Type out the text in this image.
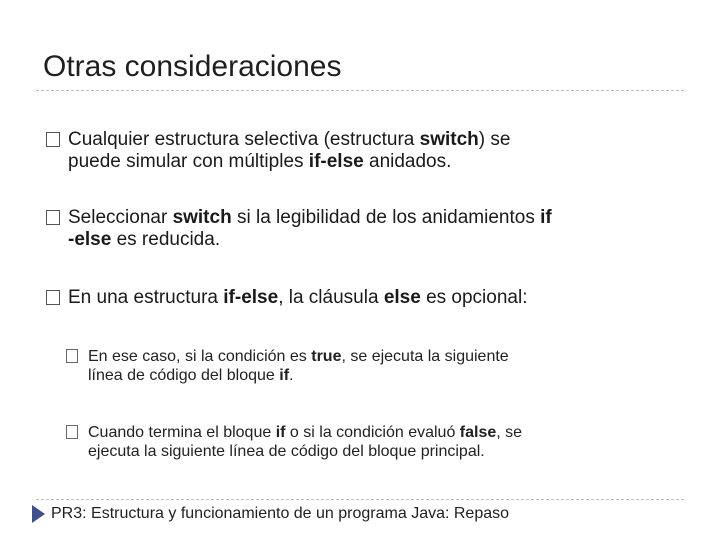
Otras consideraciones
Cualquier estructura selectiva (estructura switch) se
puede simular con múltiples if-else anidados.
Seleccionar switch si la legibilidad de los anidamientos if
-else es reducida.
En una estructura if-else, la cláusula else es opcional:
En ese caso, si la condición es true, se ejecuta la siguiente
línea de código del bloque if.
Cuando termina el bloque if o si la condición evaluó false, se
ejecuta la siguiente línea de código del bloque principal.
PR3: Estructura y funcionamiento de un programa Java: Repaso
